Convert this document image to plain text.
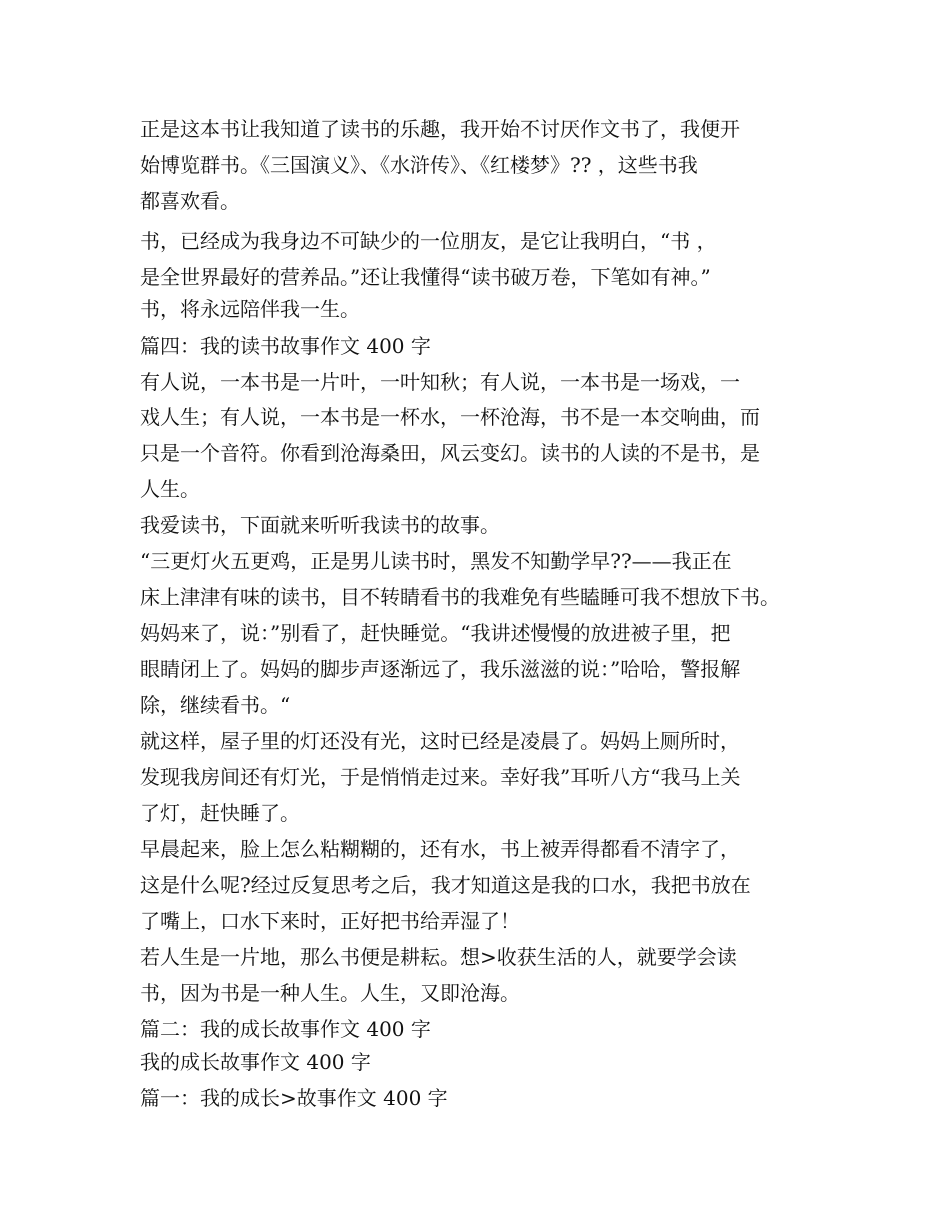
正是这本书让我知道了读书的乐趣，我开始不讨厌作文书了，我便开
始博览群书。《三国演义》、《水浒传》、《红楼梦》?? ，这些书我
都喜欢看。
书，已经成为我身边不可缺少的一位朋友，是它让我明白，“书 ，
是全世界最好的营养品。”还让我懂得“读书破万卷，下笔如有神。”
书，将永远陪伴我一生。
篇四：我的读书故事作文 400 字
有人说，一本书是一片叶，一叶知秋；有人说，一本书是一场戏，一
戏人生；有人说，一本书是一杯水，一杯沧海，书不是一本交响曲，而
只是一个音符。你看到沧海桑田，风云变幻。读书的人读的不是书，是
人生。
我爱读书，下面就来听听我读书的故事。
“三更灯火五更鸡，正是男儿读书时，黑发不知勤学早??——我正在
床上津津有味的读书，目不转睛看书的我难免有些瞌睡可我不想放下书。
妈妈来了，说：”别看了，赶快睡觉。“我讲述慢慢的放进被子里，把
眼睛闭上了。妈妈的脚步声逐渐远了，我乐滋滋的说：”哈哈，警报解
除，继续看书。“
就这样，屋子里的灯还没有光，这时已经是凌晨了。妈妈上厕所时，
发现我房间还有灯光，于是悄悄走过来。幸好我”耳听八方“我马上关
了灯，赶快睡了。
早晨起来，脸上怎么粘糊糊的，还有水，书上被弄得都看不清字了，
这是什么呢?经过反复思考之后，我才知道这是我的口水，我把书放在
了嘴上，口水下来时，正好把书给弄湿了！
若人生是一片地，那么书便是耕耘。想>收获生活的人，就要学会读
书，因为书是一种人生。人生，又即沧海。
篇二：我的成长故事作文 400 字
我的成长故事作文 400 字
篇一：我的成长>故事作文 400 字
